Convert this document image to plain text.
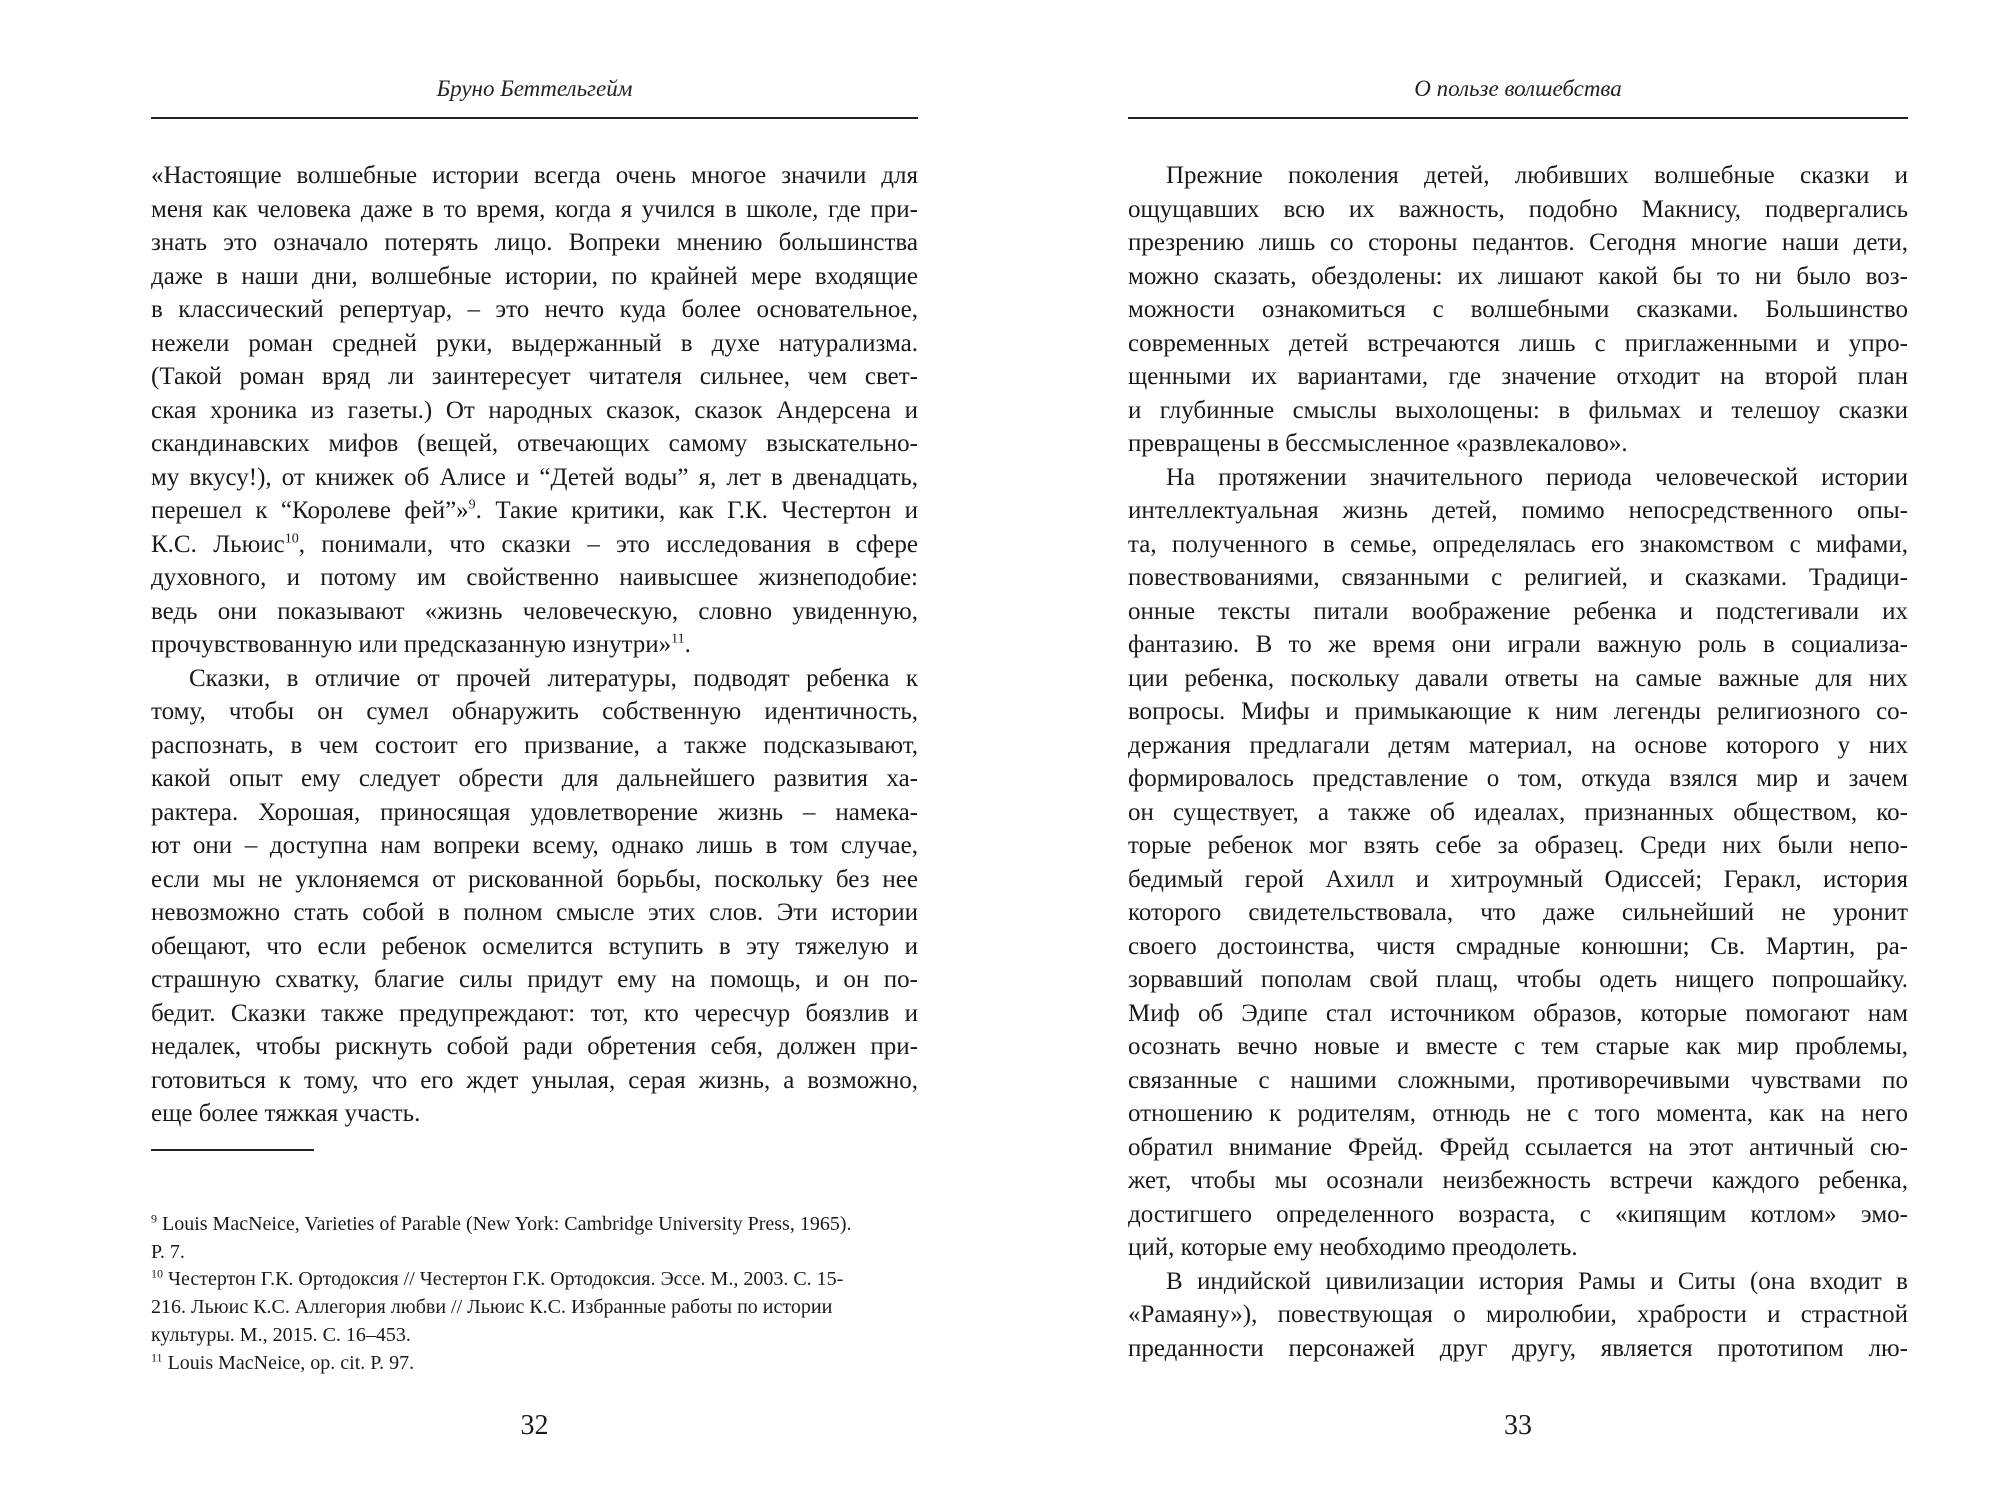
Бруно Беттельгейм
«Настоящие волшебные истории всегда очень многое значили для
меня как человека даже в то время, когда я учился в школе, где при-
знать это означало потерять лицо. Вопреки мнению большинства
даже в наши дни, волшебные истории, по крайней мере входящие
в классический репертуар, – это нечто куда более основательное,
нежели роман средней руки, выдержанный в духе натурализма.
(Такой роман вряд ли заинтересует читателя сильнее, чем свет-
ская хроника из газеты.) От народных сказок, сказок Андерсена и
скандинавских мифов (вещей, отвечающих самому взыскательно-
му вкусу!), от книжек об Алисе и “Детей воды” я, лет в двенадцать,
перешел к “Королеве фей”»$^9$. Такие критики, как Г.К. Честертон и
К.С. Льюис$^{10}$, понимали, что сказки – это исследования в сфере
духовного, и потому им свойственно наивысшее жизнеподобие:
ведь они показывают «жизнь человеческую, словно увиденную,
прочувствованную или предсказанную изнутри»$^{11}$.
Сказки, в отличие от прочей литературы, подводят ребенка к
тому, чтобы он сумел обнаружить собственную идентичность,
распознать, в чем состоит его призвание, а также подсказывают,
какой опыт ему следует обрести для дальнейшего развития ха-
рактера. Хорошая, приносящая удовлетворение жизнь – намека-
ют они – доступна нам вопреки всему, однако лишь в том случае,
если мы не уклоняемся от рискованной борьбы, поскольку без нее
невозможно стать собой в полном смысле этих слов. Эти истории
обещают, что если ребенок осмелится вступить в эту тяжелую и
страшную схватку, благие силы придут ему на помощь, и он по-
бедит. Сказки также предупреждают: тот, кто чересчур боязлив и
недалек, чтобы рискнуть собой ради обретения себя, должен при-
готовиться к тому, что его ждет унылая, серая жизнь, а возможно,
еще более тяжкая участь.
$^9$ Louis MacNeice, Varieties of Parable (New York: Cambridge University Press, 1965).
P. 7.
$^{10}$ Честертон Г.К. Ортодоксия // Честертон Г.К. Ортодоксия. Эссе. М., 2003. С. 15-
216. Льюис К.С. Аллегория любви // Льюис К.С. Избранные работы по истории
культуры. М., 2015. С. 16–453.
$^{11}$ Louis MacNeice, op. cit. P. 97.
32
О пользе волшебства
Прежние поколения детей, любивших волшебные сказки и
ощущавших всю их важность, подобно Макнису, подвергались
презрению лишь со стороны педантов. Сегодня многие наши дети,
можно сказать, обездолены: их лишают какой бы то ни было воз-
можности ознакомиться с волшебными сказками. Большинство
современных детей встречаются лишь с приглаженными и упро-
щенными их вариантами, где значение отходит на второй план
и глубинные смыслы выхолощены: в фильмах и телешоу сказки
превращены в бессмысленное «развлекалово».
На протяжении значительного периода человеческой истории
интеллектуальная жизнь детей, помимо непосредственного опы-
та, полученного в семье, определялась его знакомством с мифами,
повествованиями, связанными с религией, и сказками. Традици-
онные тексты питали воображение ребенка и подстегивали их
фантазию. В то же время они играли важную роль в социализа-
ции ребенка, поскольку давали ответы на самые важные для них
вопросы. Мифы и примыкающие к ним легенды религиозного со-
держания предлагали детям материал, на основе которого у них
формировалось представление о том, откуда взялся мир и зачем
он существует, а также об идеалах, признанных обществом, ко-
торые ребенок мог взять себе за образец. Среди них были непо-
бедимый герой Ахилл и хитроумный Одиссей; Геракл, история
которого свидетельствовала, что даже сильнейший не уронит
своего достоинства, чистя смрадные конюшни; Св. Мартин, ра-
зорвавший пополам свой плащ, чтобы одеть нищего попрошайку.
Миф об Эдипе стал источником образов, которые помогают нам
осознать вечно новые и вместе с тем старые как мир проблемы,
связанные с нашими сложными, противоречивыми чувствами по
отношению к родителям, отнюдь не с того момента, как на него
обратил внимание Фрейд. Фрейд ссылается на этот античный сю-
жет, чтобы мы осознали неизбежность встречи каждого ребенка,
достигшего определенного возраста, с «кипящим котлом» эмо-
ций, которые ему необходимо преодолеть.
В индийской цивилизации история Рамы и Ситы (она входит в
«Рамаяну»), повествующая о миролюбии, храбрости и страстной
преданности персонажей друг другу, является прототипом лю-
33
